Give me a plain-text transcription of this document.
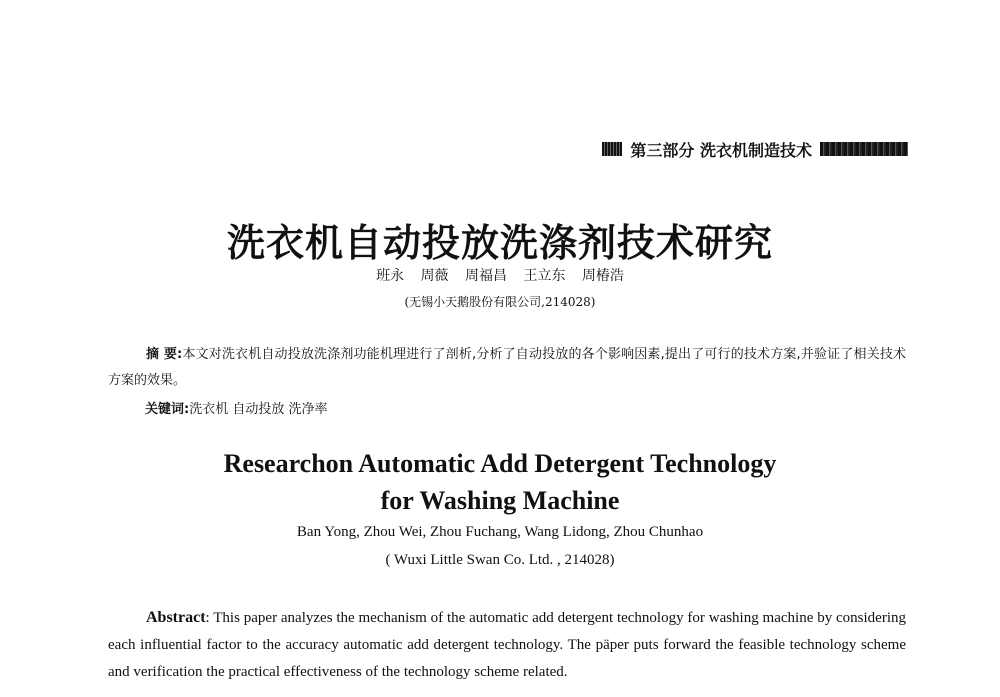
第三部分 洗衣机制造技术
洗衣机自动投放洗涤剂技术研究
班永 周薇 周福昌 王立东 周椿浩
(无锡小天鹅股份有限公司,214028)
摘 要:本文对洗衣机自动投放洗涤剂功能机理进行了剖析,分析了自动投放的各个影响因素,提出了可行的技术方案,并验证了相关技术方案的效果。
关键词:洗衣机 自动投放 洗净率
Researchon Automatic Add Detergent Technology
for Washing Machine
Ban Yong, Zhou Wei, Zhou Fuchang, Wang Lidong, Zhou Chunhao
( Wuxi Little Swan Co. Ltd. , 214028)
Abstract: This paper analyzes the mechanism of the automatic add detergent technology for washing machine by considering each influential factor to the accuracy automatic add detergent technology. The päper puts forward the feasible technology scheme and verification the practical effectiveness of the technology scheme related.
